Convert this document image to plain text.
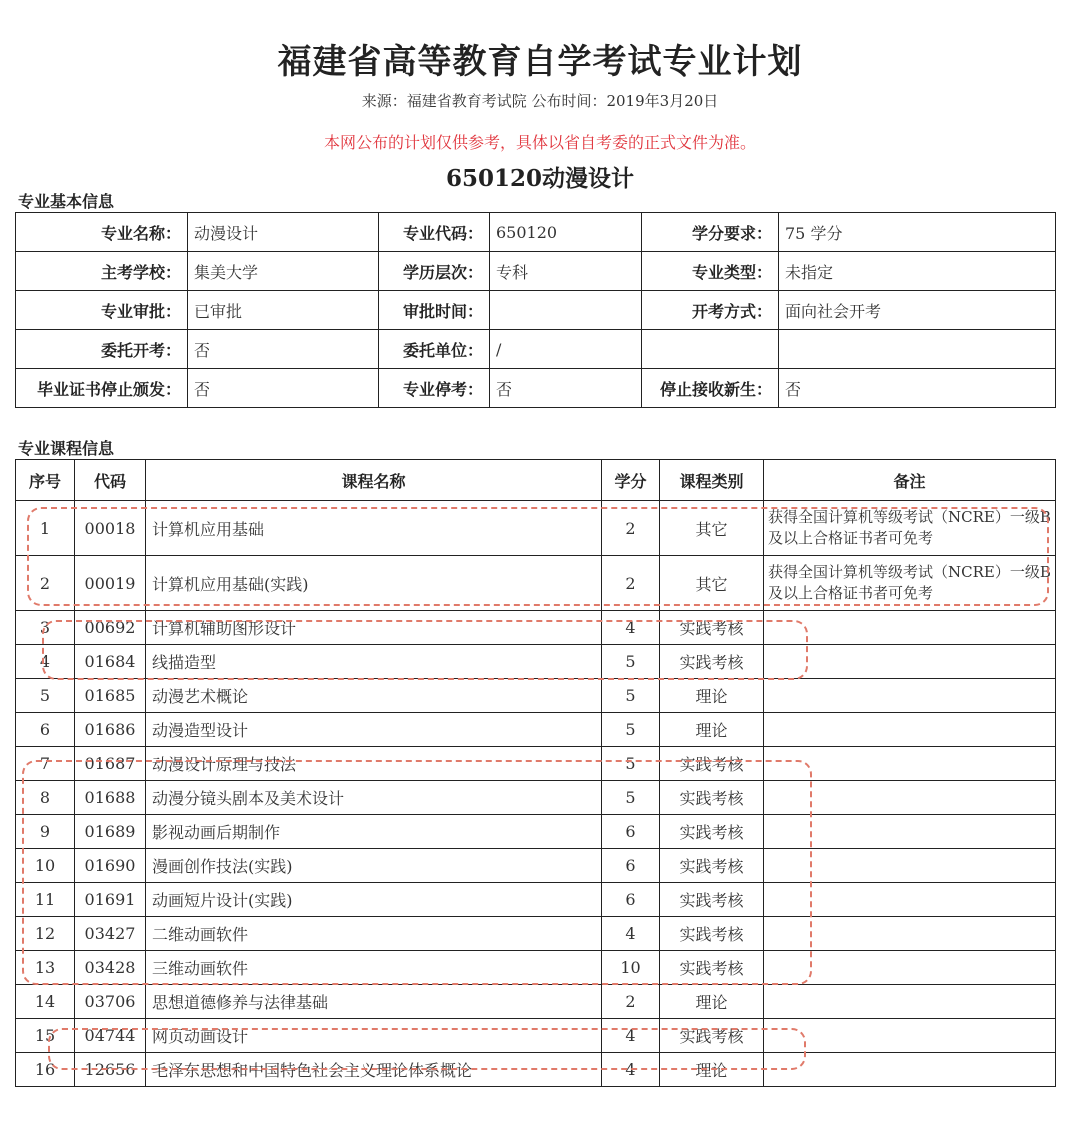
福建省高等教育自学考试专业计划
来源：福建省教育考试院 公布时间：2019年3月20日
本网公布的计划仅供参考，具体以省自考委的正式文件为准。
650120动漫设计
专业基本信息
专业名称：	动漫设计	专业代码：	650120	学分要求：	75 学分
主考学校：	集美大学	学历层次：	专科	专业类型：	未指定
专业审批：	已审批	审批时间：		开考方式：	面向社会开考
委托开考：	否	委托单位：	/		
毕业证书停止颁发：	否	专业停考：	否	停止接收新生：	否
专业课程信息
序号	代码	课程名称	学分	课程类别	备注
1	00018	计算机应用基础	2	其它	获得全国计算机等级考试（NCRE）一级B及以上合格证书者可免考
2	00019	计算机应用基础(实践)	2	其它	获得全国计算机等级考试（NCRE）一级B及以上合格证书者可免考
3	00692	计算机辅助图形设计	4	实践考核	
4	01684	线描造型	5	实践考核	
5	01685	动漫艺术概论	5	理论	
6	01686	动漫造型设计	5	理论	
7	01687	动漫设计原理与技法	5	实践考核	
8	01688	动漫分镜头剧本及美术设计	5	实践考核	
9	01689	影视动画后期制作	6	实践考核	
10	01690	漫画创作技法(实践)	6	实践考核	
11	01691	动画短片设计(实践)	6	实践考核	
12	03427	二维动画软件	4	实践考核	
13	03428	三维动画软件	10	实践考核	
14	03706	思想道德修养与法律基础	2	理论	
15	04744	网页动画设计	4	实践考核	
16	12656	毛泽东思想和中国特色社会主义理论体系概论	4	理论	
